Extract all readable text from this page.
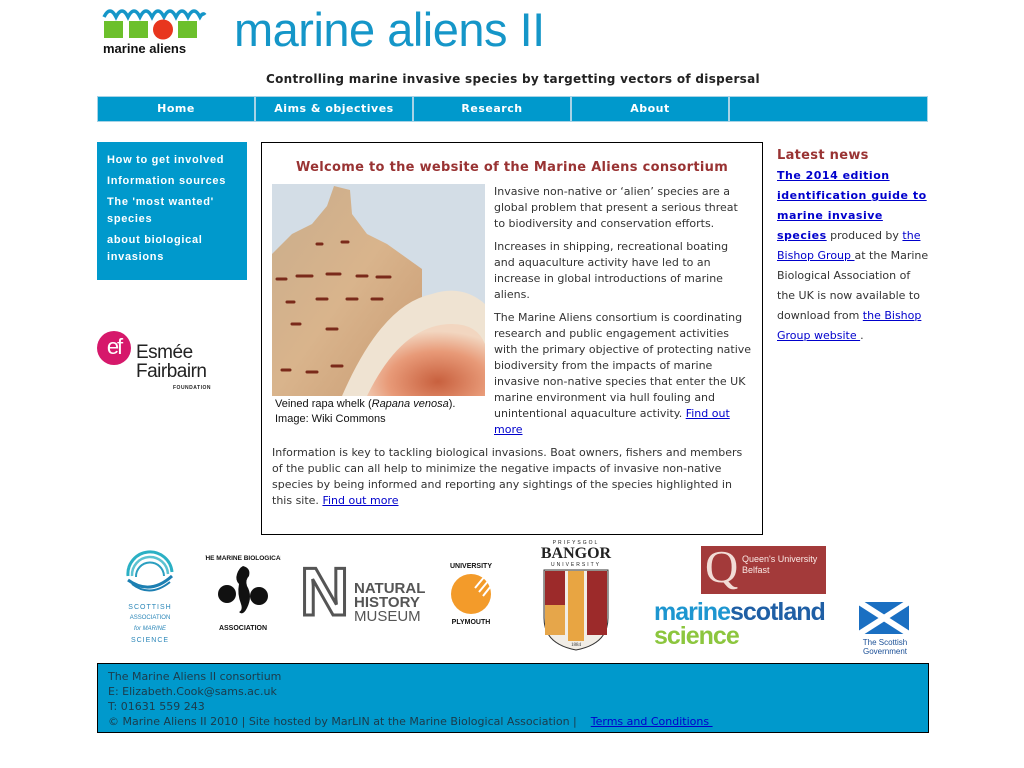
marine aliens marine aliens II
Controlling marine invasive species by targetting vectors of dispersal
Home	Aims & objectives	Research	About
How to get involved
Information sources
The 'most wanted' species
about biological invasions
ef Esmée
Fairbairn
FOUNDATION
Welcome to the website of the Marine Aliens consortium
Veined rapa whelk (Rapana venosa).
Image: Wiki Commons

Invasive non-native or ‘alien’ species are a global problem that present a serious threat to biodiversity and conservation efforts.

Increases in shipping, recreational boating and aquaculture activity have led to an increase in global introductions of marine aliens.

The Marine Aliens consortium is coordinating research and public engagement activities with the primary objective of protecting native biodiversity from the impacts of marine invasive non-native species that enter the UK marine environment via hull fouling and unintentional aquaculture activity. Find out more

Information is key to tackling biological invasions. Boat owners, fishers and members of the public can all help to minimize the negative impacts of invasive non-native species by being informed and reporting any sightings of the species highlighted in this site. Find out more

Latest news
The 2014 edition identification guide to marine invasive species produced by the Bishop Group at the Marine Biological Association of the UK is now available to download from the Bishop Group website .
SCOTTISH
ASSOCIATION
for MARINE
SCIENCE
THE MARINE BIOLOGICAL
ASSOCIATION N NATURAL
HISTORY
MUSEUM
UNIVERSITY
PLYMOUTH
PRIFYSGOL
BANGOR
UNIVERSITY
1884
Q Queen's University
Belfast
marinescotland
science	The Scottish
Government
The Marine Aliens II consortium
E: Elizabeth.Cook@sams.ac.uk
T: 01631 559 243
© Marine Aliens II 2010 | Site hosted by MarLIN at the Marine Biological Association |    Terms and Conditions
